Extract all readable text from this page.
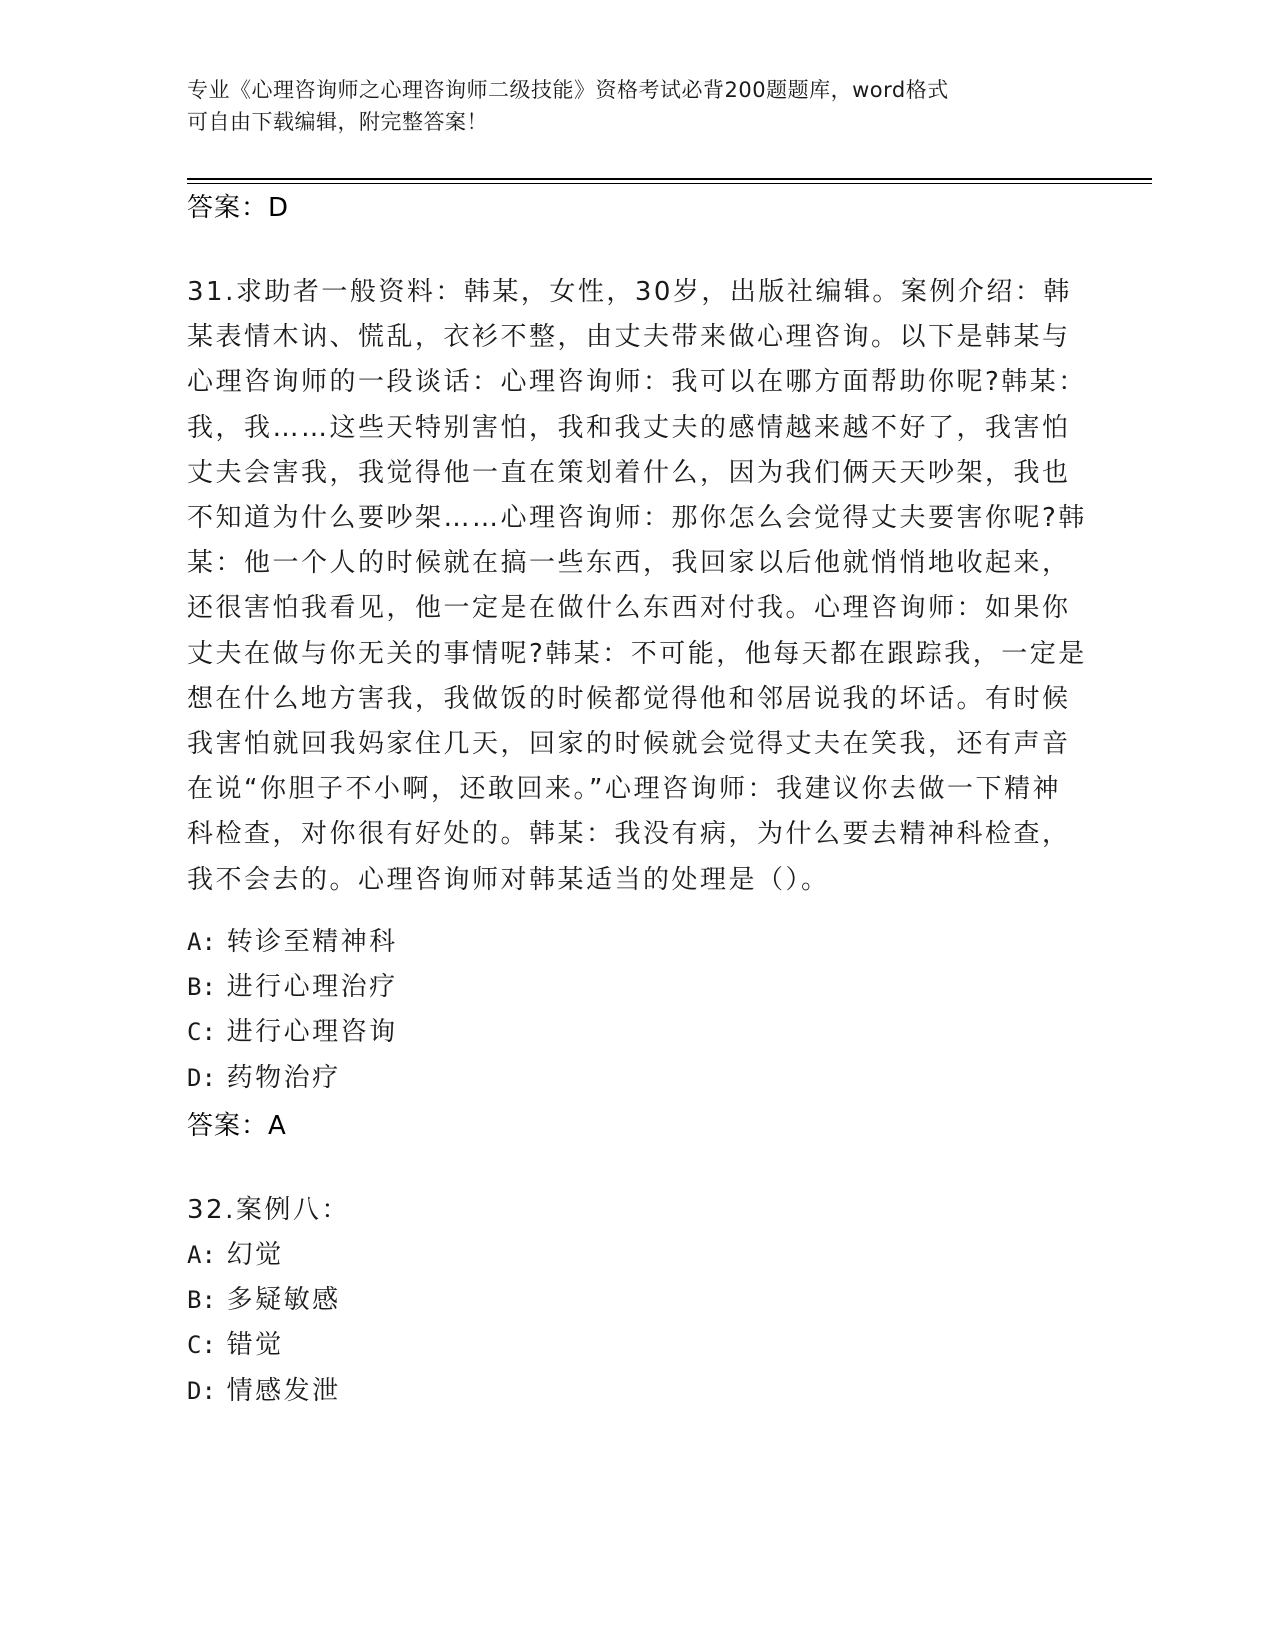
专业《心理咨询师之心理咨询师二级技能》资格考试必背200题题库，word格式
可自由下载编辑，附完整答案！
答案：D
31.求助者一般资料：韩某，女性，30岁，出版社编辑。案例介绍：韩某表情木讷、慌乱，衣衫不整，由丈夫带来做心理咨询。以下是韩某与心理咨询师的一段谈话：心理咨询师：我可以在哪方面帮助你呢?韩某：我，我……这些天特别害怕，我和我丈夫的感情越来越不好了，我害怕丈夫会害我，我觉得他一直在策划着什么，因为我们俩天天吵架，我也不知道为什么要吵架……心理咨询师：那你怎么会觉得丈夫要害你呢?韩某：他一个人的时候就在搞一些东西，我回家以后他就悄悄地收起来，还很害怕我看见，他一定是在做什么东西对付我。心理咨询师：如果你丈夫在做与你无关的事情呢?韩某：不可能，他每天都在跟踪我，一定是想在什么地方害我，我做饭的时候都觉得他和邻居说我的坏话。有时候我害怕就回我妈家住几天，回家的时候就会觉得丈夫在笑我，还有声音在说“你胆子不小啊，还敢回来。”心理咨询师：我建议你去做一下精神科检查，对你很有好处的。韩某：我没有病，为什么要去精神科检查，我不会去的。心理咨询师对韩某适当的处理是（）。
A: 转诊至精神科
B: 进行心理治疗
C: 进行心理咨询
D: 药物治疗
答案：A
32.案例八：
A: 幻觉
B: 多疑敏感
C: 错觉
D: 情感发泄
